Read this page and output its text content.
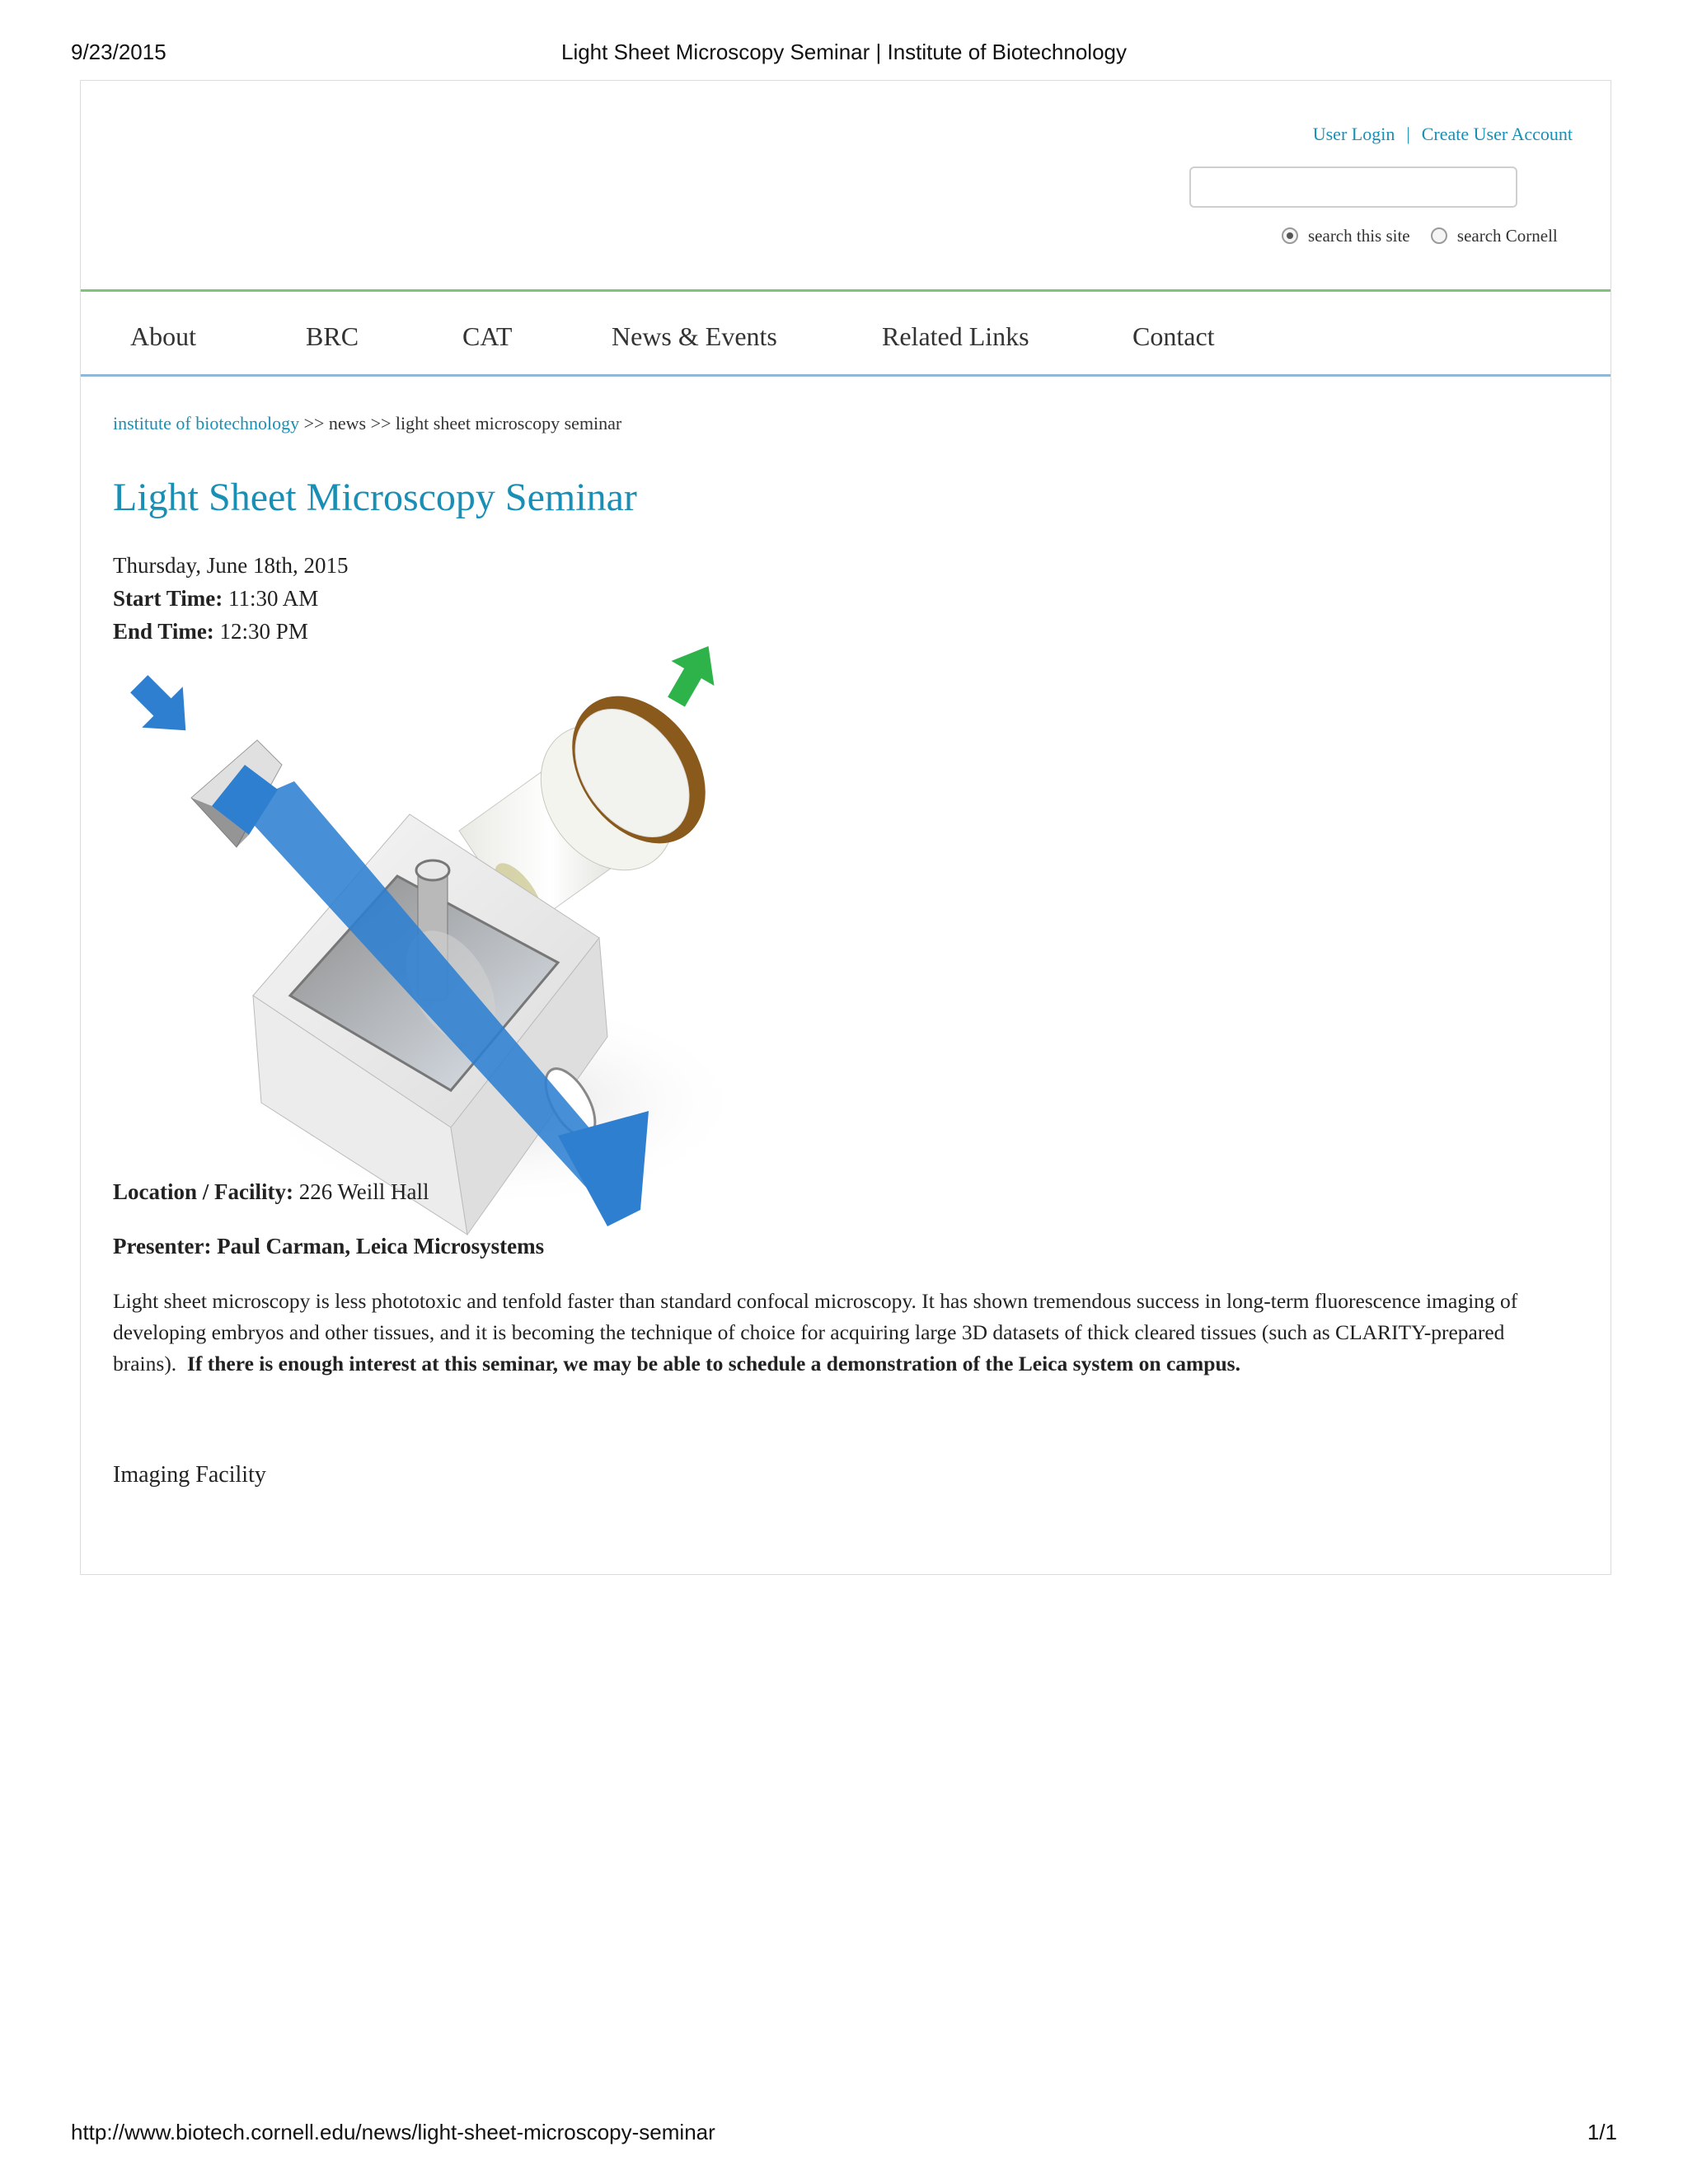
9/23/2015	Light Sheet Microscopy Seminar | Institute of Biotechnology
User Login | Create User Account
search this site	search Cornell
About	BRC	CAT	News & Events	Related Links	Contact
institute of biotechnology >> news >> light sheet microscopy seminar
Light Sheet Microscopy Seminar
Thursday, June 18th, 2015
Start Time: 11:30 AM
End Time: 12:30 PM
Location / Facility: 226 Weill Hall
Presenter: Paul Carman, Leica Microsystems

Light sheet microscopy is less phototoxic and tenfold faster than standard confocal microscopy. It has shown tremendous success in long-term fluorescence imaging of developing embryos and other tissues, and it is becoming the technique of choice for acquiring large 3D datasets of thick cleared tissues (such as CLARITY-prepared brains). If there is enough interest at this seminar, we may be able to schedule a demonstration of the Leica system on campus.

Imaging Facility
http://www.biotech.cornell.edu/news/light-sheet-microscopy-seminar	1/1
